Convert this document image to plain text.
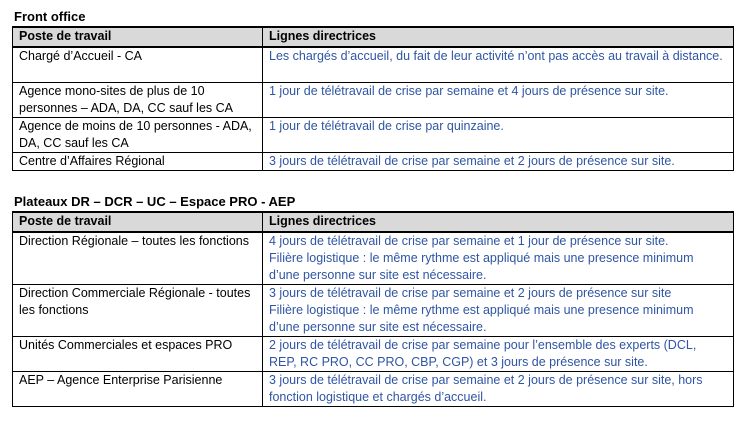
Front office
Poste de travail	Lignes directrices
Chargé d’Accueil - CA	Les chargés d’accueil, du fait de leur activité n’ont pas accès au travail à distance.

Agence mono-sites de plus de 10 personnes – ADA, DA, CC sauf les CA	1 jour de télétravail de crise par semaine et 4 jours de présence sur site.

Agence de moins de 10 personnes - ADA, DA, CC sauf les CA	1 jour de télétravail de crise par quinzaine.

Centre d’Affaires Régional	3 jours de télétravail de crise par semaine et 2 jours de présence sur site.
Plateaux DR – DCR – UC – Espace PRO - AEP
Poste de travail	Lignes directrices
Direction Régionale – toutes les fonctions	4 jours de télétravail de crise par semaine et 1 jour de présence sur site.
Filière logistique : le même rythme est appliqué mais une presence minimum d’une personne sur site est nécessaire.

Direction Commerciale Régionale - toutes les fonctions	3 jours de télétravail de crise par semaine et 2 jours de présence sur site
Filière logistique : le même rythme est appliqué mais une presence minimum d’une personne sur site est nécessaire.

Unités Commerciales et espaces PRO	2 jours de télétravail de crise par semaine pour l’ensemble des experts (DCL, REP, RC PRO, CC PRO, CBP, CGP) et 3 jours de présence sur site.

AEP – Agence Enterprise Parisienne	3 jours de télétravail de crise par semaine et 2 jours de présence sur site, hors fonction logistique et chargés d’accueil.
